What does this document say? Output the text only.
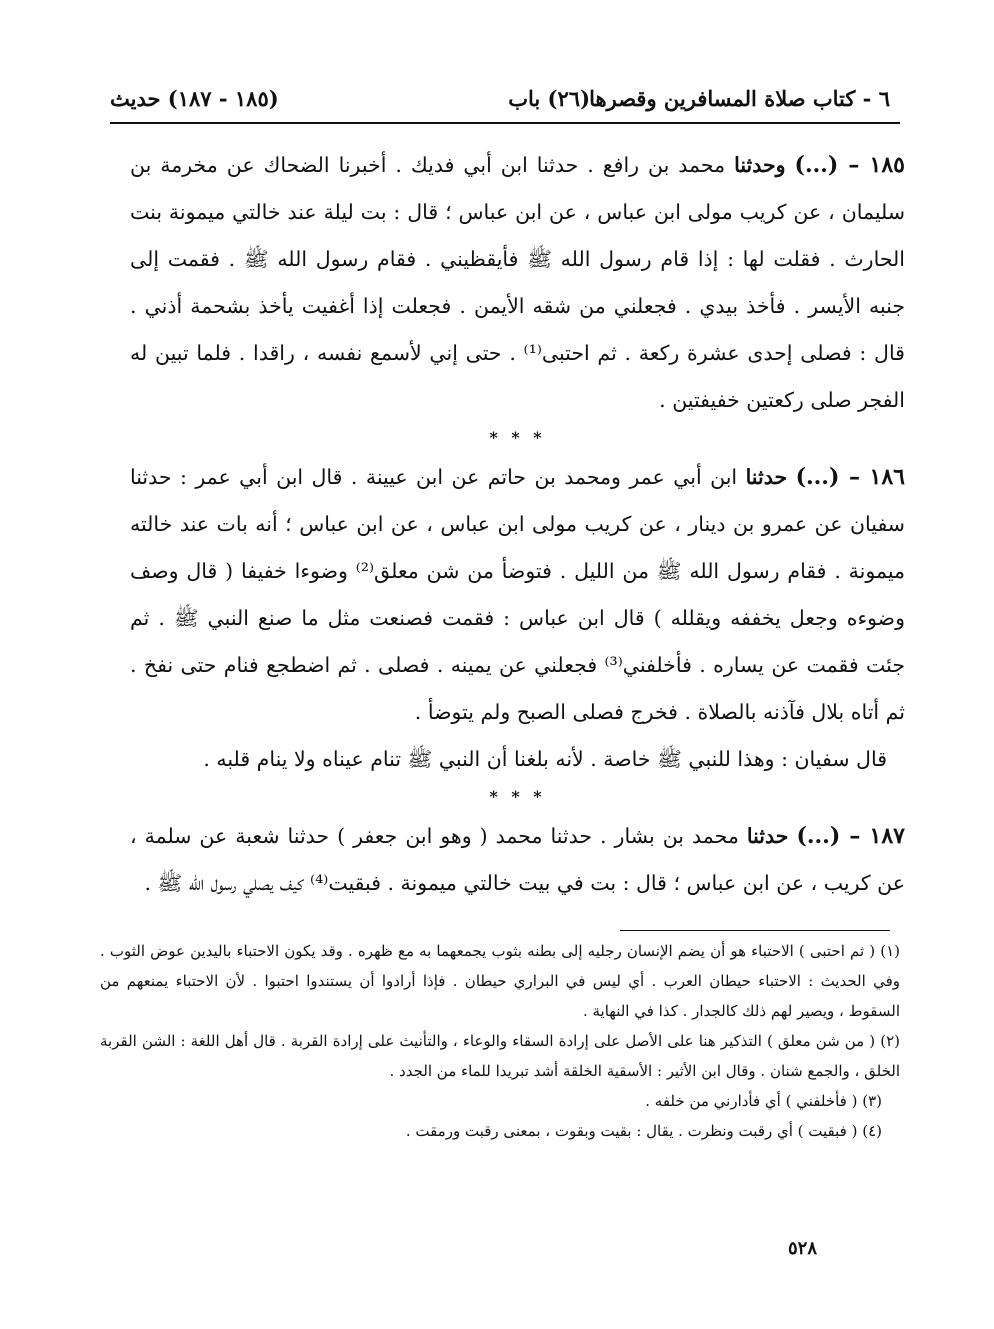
٦ - كتاب صلاة المسافرين وقصرها
(٢٦) باب
(١٨٥ - ١٨٧) حديث

١٨٥ – (...) وحدثنا محمد بن رافع . حدثنا ابن أبي فديك . أخبرنا الضحاك عن مخرمة بن سليمان ، عن كريب مولى ابن عباس ، عن ابن عباس ؛ قال : بت ليلة عند خالتي ميمونة بنت الحارث . فقلت لها : إذا قام رسول الله ﷺ فأيقظيني . فقام رسول الله ﷺ . فقمت إلى جنبه الأيسر . فأخذ بيدي . فجعلني من شقه الأيمن . فجعلت إذا أغفيت يأخذ بشحمة أذني . قال : فصلى إحدى عشرة ركعة . ثم احتبى⁽¹⁾ . حتى إني لأسمع نفسه ، راقدا . فلما تبين له الفجر صلى ركعتين خفيفتين .

* * *

١٨٦ – (...) حدثنا ابن أبي عمر ومحمد بن حاتم عن ابن عيينة . قال ابن أبي عمر : حدثنا سفيان عن عمرو بن دينار ، عن كريب مولى ابن عباس ، عن ابن عباس ؛ أنه بات عند خالته ميمونة . فقام رسول الله ﷺ من الليل . فتوضأ من شن معلق⁽²⁾ وضوءا خفيفا ( قال وصف وضوءه وجعل يخففه ويقلله ) قال ابن عباس : فقمت فصنعت مثل ما صنع النبي ﷺ . ثم جئت فقمت عن يساره . فأخلفني⁽³⁾ فجعلني عن يمينه . فصلى . ثم اضطجع فنام حتى نفخ . ثم أتاه بلال فآذنه بالصلاة . فخرج فصلى الصبح ولم يتوضأ .

قال سفيان : وهذا للنبي ﷺ خاصة . لأنه بلغنا أن النبي ﷺ تنام عيناه ولا ينام قلبه .

* * *

١٨٧ – (...) حدثنا محمد بن بشار . حدثنا محمد ( وهو ابن جعفر ) حدثنا شعبة عن سلمة ، عن كريب ، عن ابن عباس ؛ قال : بت في بيت خالتي ميمونة . فبقيت⁽⁴⁾ كيف يصلي رسول الله ﷺ .

(١) ( ثم احتبى ) الاحتباء هو أن يضم الإنسان رجليه إلى بطنه بثوب يجمعهما به مع ظهره . وقد يكون الاحتباء باليدين عوض الثوب . وفي الحديث : الاحتباء حيطان العرب . أي ليس في البراري حيطان . فإذا أرادوا أن يستندوا احتبوا . لأن الاحتباء يمنعهم من السقوط ، ويصير لهم ذلك كالجدار . كذا في النهاية .

(٢) ( من شن معلق ) التذكير هنا على الأصل على إرادة السقاء والوعاء ، والتأنيث على إرادة القربة . قال أهل اللغة : الشن القربة الخلق ، والجمع شنان . وقال ابن الأثير : الأسقية الخلقة أشد تبريدا للماء من الجدد .

(٣) ( فأخلفني ) أي فأدارني من خلفه .

(٤) ( فبقيت ) أي رقبت ونظرت . يقال : بقيت وبقوت ، بمعنى رقبت ورمقت .

٥٢٨
